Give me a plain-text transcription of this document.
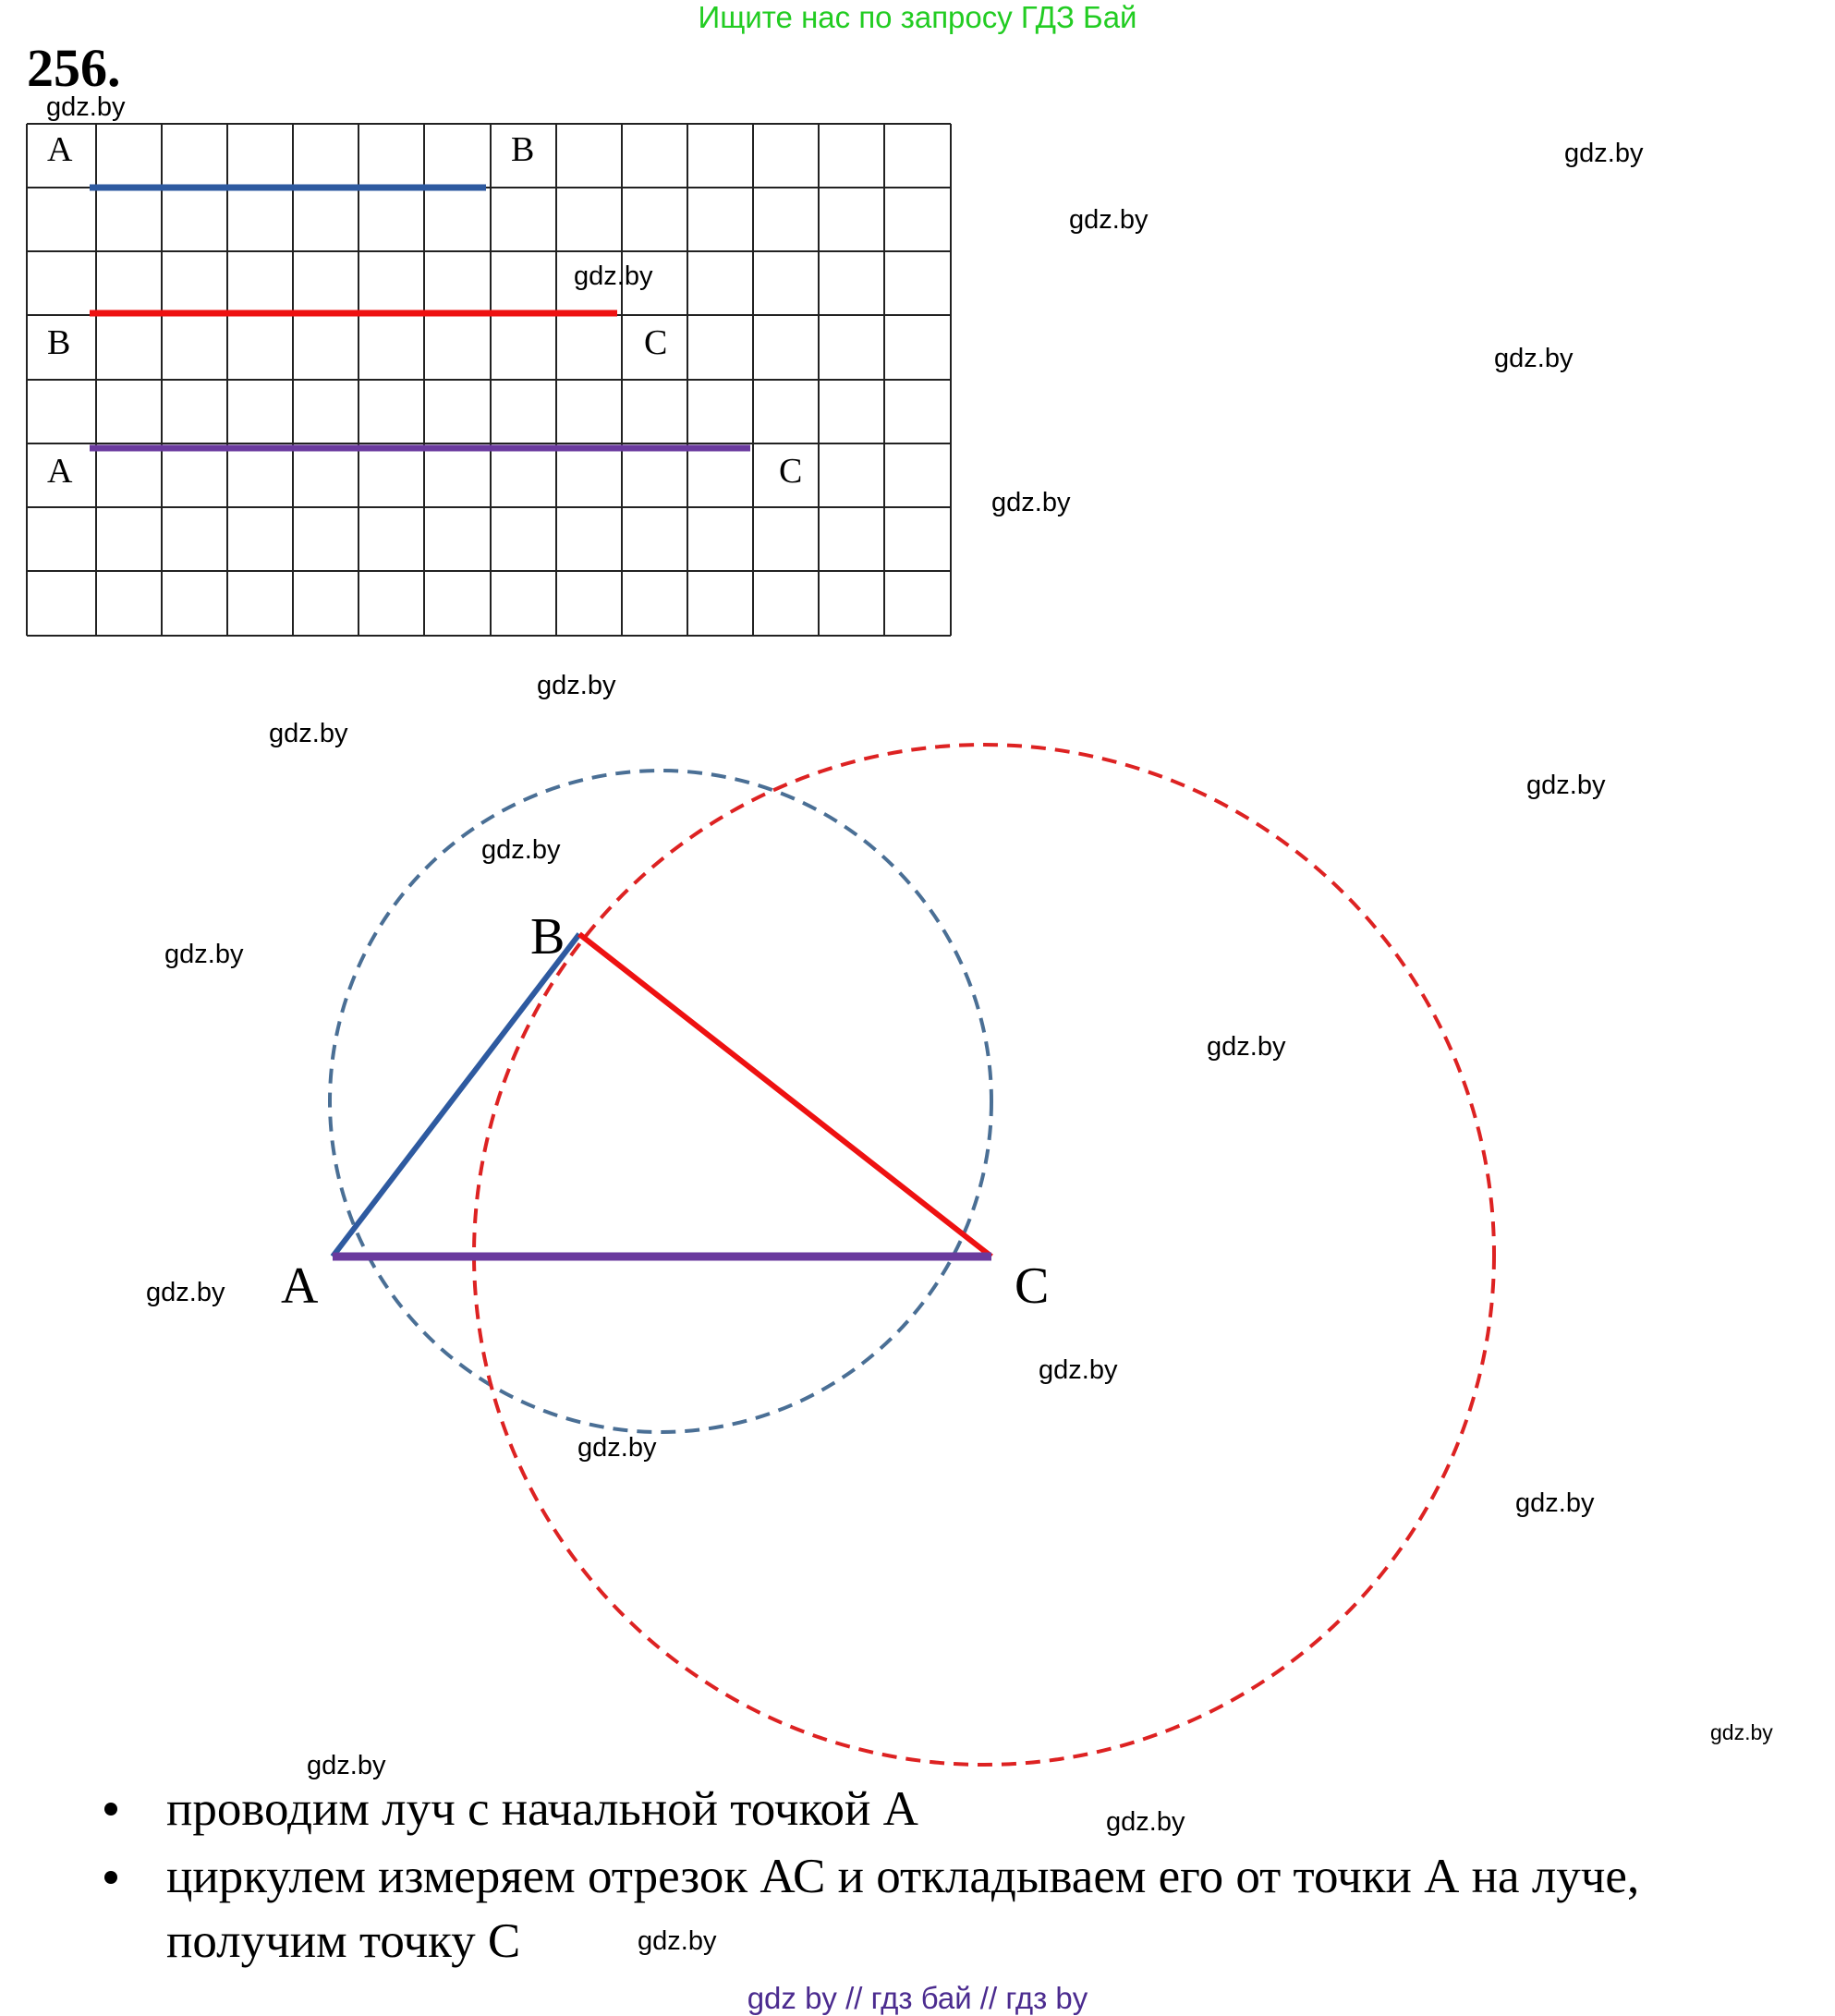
Ищите нас по запросу ГДЗ Бай
256.
A	B
B	C
A	C
B
A	C
gdz.by
gdz.by
gdz.by
gdz.by
gdz.by
gdz.by
gdz.by
gdz.by
gdz.by
gdz.by
gdz.by
gdz.by
gdz.by
gdz.by
gdz.by
gdz.by
gdz.by
gdz.by
gdz.by
gdz.by
проводим луч с начальной точкой А
циркулем измеряем отрезок АС и откладываем его от точки А на луче,
получим точку С
gdz by // гдз бай // гдз by
